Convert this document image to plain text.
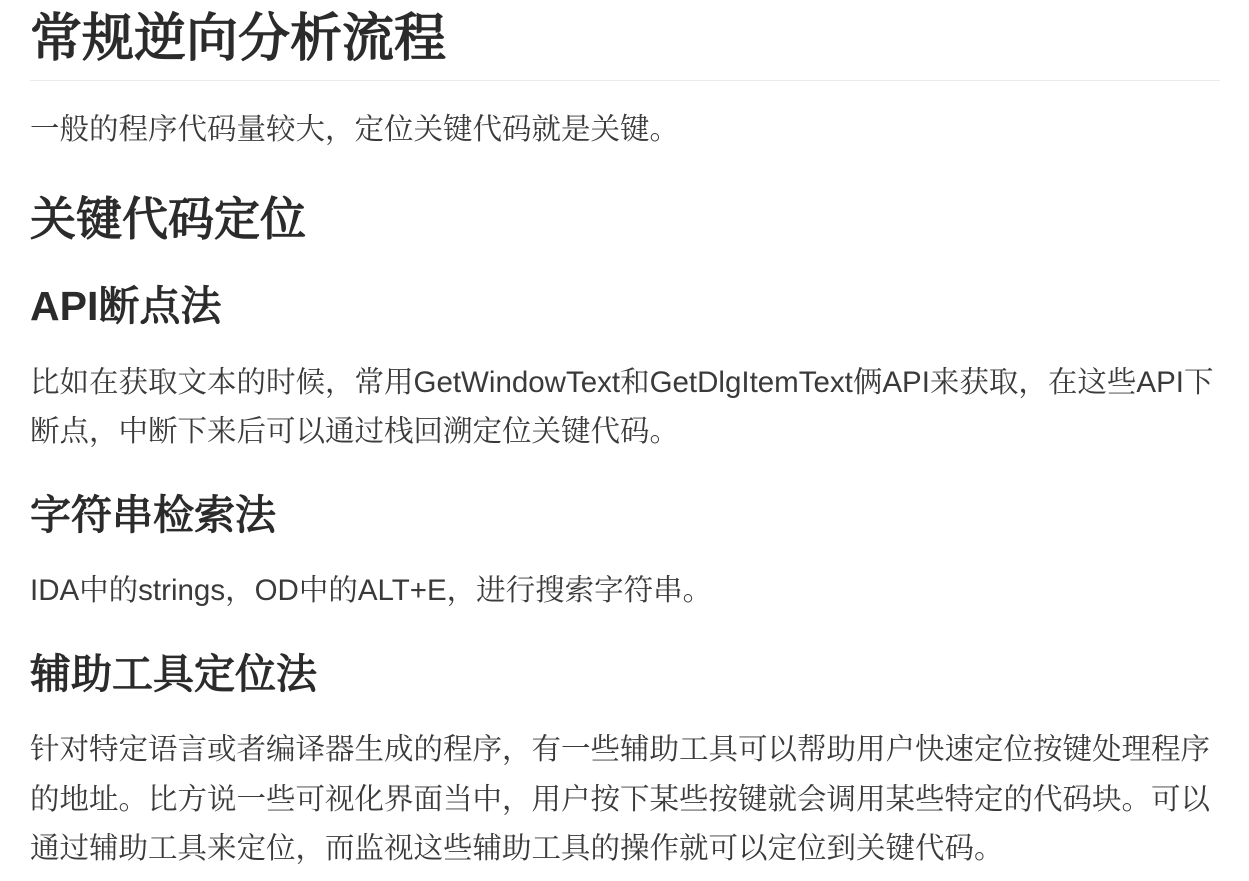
常规逆向分析流程

一般的程序代码量较大，定位关键代码就是关键。

关键代码定位
API断点法

比如在获取文本的时候，常用GetWindowText和GetDlgItemText俩API来获取，在这些API下断点，中断下来后可以通过栈回溯定位关键代码。

字符串检索法

IDA中的strings，OD中的ALT+E，进行搜索字符串。

辅助工具定位法

针对特定语言或者编译器生成的程序，有一些辅助工具可以帮助用户快速定位按键处理程序的地址。比方说一些可视化界面当中，用户按下某些按键就会调用某些特定的代码块。可以通过辅助工具来定位，而监视这些辅助工具的操作就可以定位到关键代码。
